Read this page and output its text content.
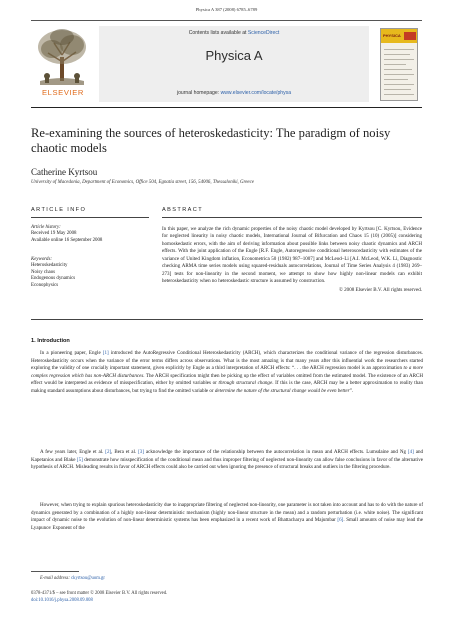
Physica A 387 (2008) 6785–6789
ELSEVIER
Contents lists available at ScienceDirect
Physica A
journal homepage: www.elsevier.com/locate/physa
PHYSICA
Re-examining the sources of heteroskedasticity: The paradigm of noisy chaotic models
Catherine Kyrtsou
University of Macedonia, Department of Economics, Office 504, Egnatia street, 156, 54006, Thessaloniki, Greece
ARTICLE INFO	ABSTRACT
Article history:
Received 19 May 2008
Available online 16 September 2008
Keywords:
Heteroskedasticity
Noisy chaos
Endogenous dynamics
Econophysics
In this paper, we analyze the rich dynamic properties of the noisy chaotic model developed by Kyrtsou [C. Kyrtsou, Evidence for neglected linearity in noisy chaotic models, International Journal of Bifurcation and Chaos 15 (10) (2005)] considering homoskedastic errors, with the aim of deriving information about possible links between noisy chaotic dynamics and ARCH effects. With the joint application of the Engle [R.F. Engle, Autoregressive conditional heteroscedasticity with estimates of the variance of United Kingdom inflation, Econometrica 50 (1982) 987–1007] and McLeod–Li [A.I. McLeod, W.K. Li, Diagnostic checking ARMA time series models using squared-residuals autocorrelations, Journal of Time Series Analysis 4 (1983) 269–273] tests for non-linearity in the second moment, we attempt to show how highly non-linear models can exhibit heteroskedasticity when no heteroskedastic structure is assumed by construction.
© 2008 Elsevier B.V. All rights reserved.
1. Introduction
In a pioneering paper, Engle [1] introduced the AutoRegressive Conditional Heteroskedasticity (ARCH), which characterizes the conditional variance of the regression disturbances. Heteroskedasticity occurs when the variance of the error terms differs across observations. What is the most amazing is that many years after this influential work the researchers started exploring the validity of one crucially important statement, given explicitly by Engle as a third interpretation of ARCH effects: “. . . the ARCH regression model is an approximation to a more complex regression which has non-ARCH disturbances. The ARCH specification might then be picking up the effect of variables omitted from the estimated model. The existence of an ARCH effect would be interpreted as evidence of misspecification, either by omitted variables or through structural change. If this is the case, ARCH may be a better approximation to reality than making standard assumptions about disturbances, but trying to find the omitted variable or determine the nature of the structural change would be even better”.
A few years later, Engle et al. [2], Bera et al. [3] acknowledge the importance of the relationship between the autocorrelation in mean and ARCH effects. Lumsdaine and Ng [4] and Kapetanios and Blake [5] demonstrate how misspecification of the conditional mean and thus improper filtering of neglected non-linearity can allow false conclusions in favor of the alternative hypothesis of ARCH. Misleading results in favor of ARCH effects could also be carried out when ignoring the presence of structural breaks and outliers in the filtering procedure.
However, when trying to explain spurious heteroskedasticity due to inappropriate filtering of neglected non-linearity, one parameter is not taken into account and has to do with the nature of dynamics generated by a combination of a highly non-linear deterministic mechanism (highly non-linear structure in the mean) and a random perturbation (i.e. white noise). The significant impact of dynamic noise to the evolution of non-linear deterministic systems has been emphasized in a recent work of Bhattacharya and Majumbar [6]. Small amounts of noise may lead the Lyapunov Exponent of the
E-mail address: ckyrtsou@uom.gr
0378-4371/$ – see front matter © 2008 Elsevier B.V. All rights reserved.
doi:10.1016/j.physa.2008.09.008
